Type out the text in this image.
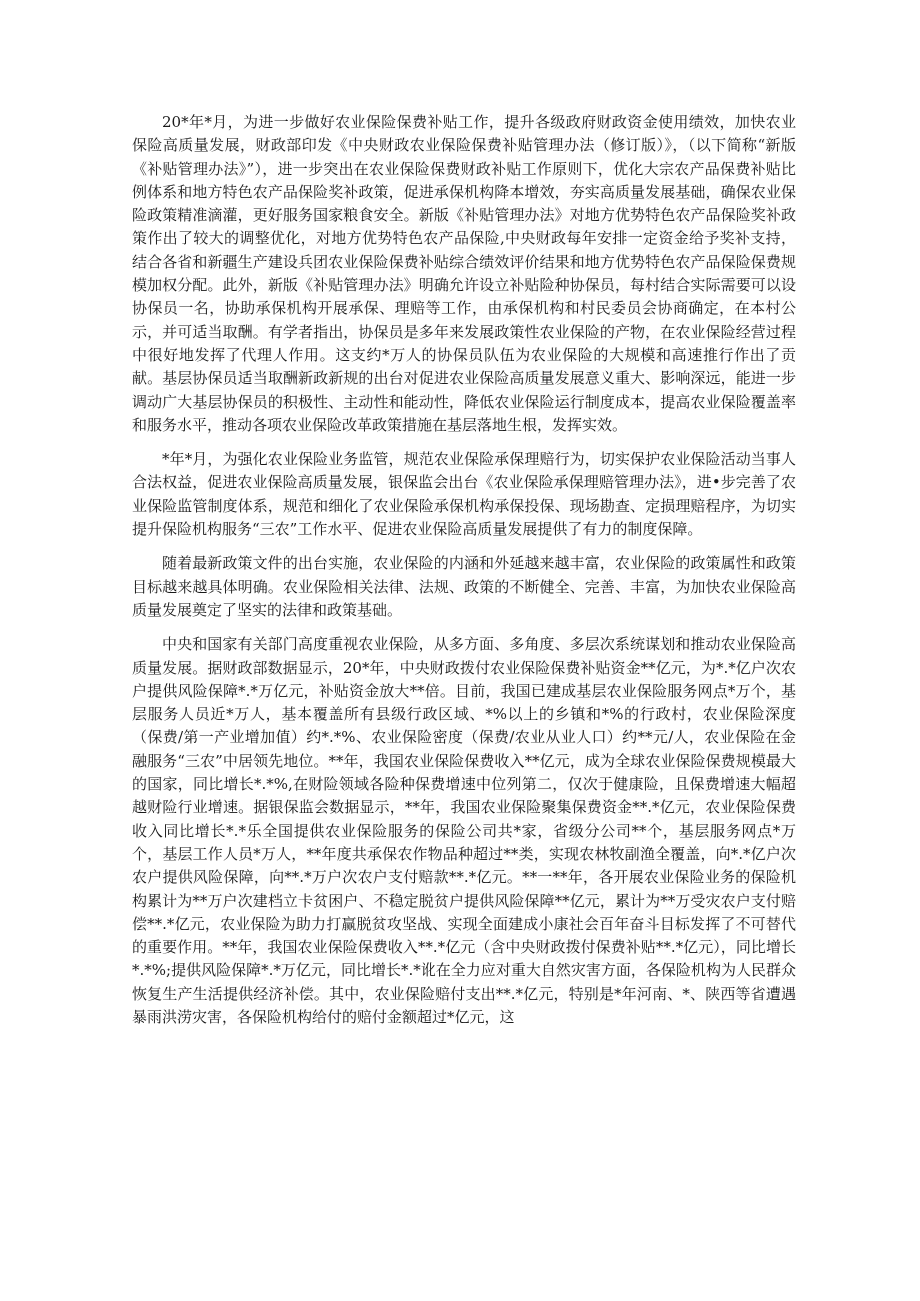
20*年*月，为进一步做好农业保险保费补贴工作，提升各级政府财政资金使用绩效，加快农业保险高质量发展，财政部印发《中央财政农业保险保费补贴管理办法（修订版）》，（以下简称“新版《补贴管理办法》”），进一步突出在农业保险保费财政补贴工作原则下，优化大宗农产品保费补贴比例体系和地方特色农产品保险奖补政策，促进承保机构降本增效，夯实高质量发展基础，确保农业保险政策精准滴灌，更好服务国家粮食安全。新版《补贴管理办法》对地方优势特色农产品保险奖补政策作出了较大的调整优化，对地方优势特色农产品保险,中央财政每年安排一定资金给予奖补支持，结合各省和新疆生产建设兵团农业保险保费补贴综合绩效评价结果和地方优势特色农产品保险保费规模加权分配。此外，新版《补贴管理办法》明确允许设立补贴险种协保员，每村结合实际需要可以设协保员一名，协助承保机构开展承保、理赔等工作，由承保机构和村民委员会协商确定，在本村公示，并可适当取酬。有学者指出，协保员是多年来发展政策性农业保险的产物，在农业保险经营过程中很好地发挥了代理人作用。这支约*万人的协保员队伍为农业保险的大规模和高速推行作出了贡献。基层协保员适当取酬新政新规的出台对促进农业保险高质量发展意义重大、影响深远，能进一步调动广大基层协保员的积极性、主动性和能动性，降低农业保险运行制度成本，提高农业保险覆盖率和服务水平，推动各项农业保险改革政策措施在基层落地生根，发挥实效。

*年*月，为强化农业保险业务监管，规范农业保险承保理赔行为，切实保护农业保险活动当事人合法权益，促进农业保险高质量发展，银保监会出台《农业保险承保理赔管理办法》，进•步完善了农业保险监管制度体系，规范和细化了农业保险承保机构承保投保、现场勘查、定损理赔程序，为切实提升保险机构服务“三农”工作水平、促进农业保险高质量发展提供了有力的制度保障。

随着最新政策文件的出台实施，农业保险的内涵和外延越来越丰富，农业保险的政策属性和政策目标越来越具体明确。农业保险相关法律、法规、政策的不断健全、完善、丰富，为加快农业保险高质量发展奠定了坚实的法律和政策基础。

中央和国家有关部门高度重视农业保险，从多方面、多角度、多层次系统谋划和推动农业保险高质量发展。据财政部数据显示，20*年，中央财政拨付农业保险保费补贴资金**亿元，为*.*亿户次农户提供风险保障*.*万亿元，补贴资金放大**倍。目前，我国已建成基层农业保险服务网点*万个，基层服务人员近*万人，基本覆盖所有县级行政区域、*%以上的乡镇和*%的行政村，农业保险深度（保费/第一产业增加值）约*.*%、农业保险密度（保费/农业从业人口）约**元/人，农业保险在金融服务“三农”中居领先地位。**年，我国农业保险保费收入**亿元，成为全球农业保险保费规模最大的国家，同比增长*.*%,在财险领域各险种保费增速中位列第二，仅次于健康险，且保费增速大幅超越财险行业增速。据银保监会数据显示，**年，我国农业保险聚集保费资金**.*亿元，农业保险保费收入同比增长*.*乐全国提供农业保险服务的保险公司共*家，省级分公司**个，基层服务网点*万个，基层工作人员*万人，**年度共承保农作物品种超过**类，实现农林牧副渔全覆盖，向*.*亿户次农户提供风险保障，向**.*万户次农户支付赔款**.*亿元。**一**年，各开展农业保险业务的保险机构累计为**万户次建档立卡贫困户、不稳定脱贫户提供风险保障**亿元，累计为**万受灾农户支付赔偿**.*亿元，农业保险为助力打赢脱贫攻坚战、实现全面建成小康社会百年奋斗目标发挥了不可替代的重要作用。**年，我国农业保险保费收入**.*亿元（含中央财政拨付保费补贴**.*亿元），同比增长*.*%;提供风险保障*.*万亿元，同比增长*.*讹在全力应对重大自然灾害方面，各保险机构为人民群众恢复生产生活提供经济补偿。其中，农业保险赔付支出**.*亿元，特别是*年河南、*、陕西等省遭遇暴雨洪涝灾害，各保险机构给付的赔付金额超过*亿元，这
